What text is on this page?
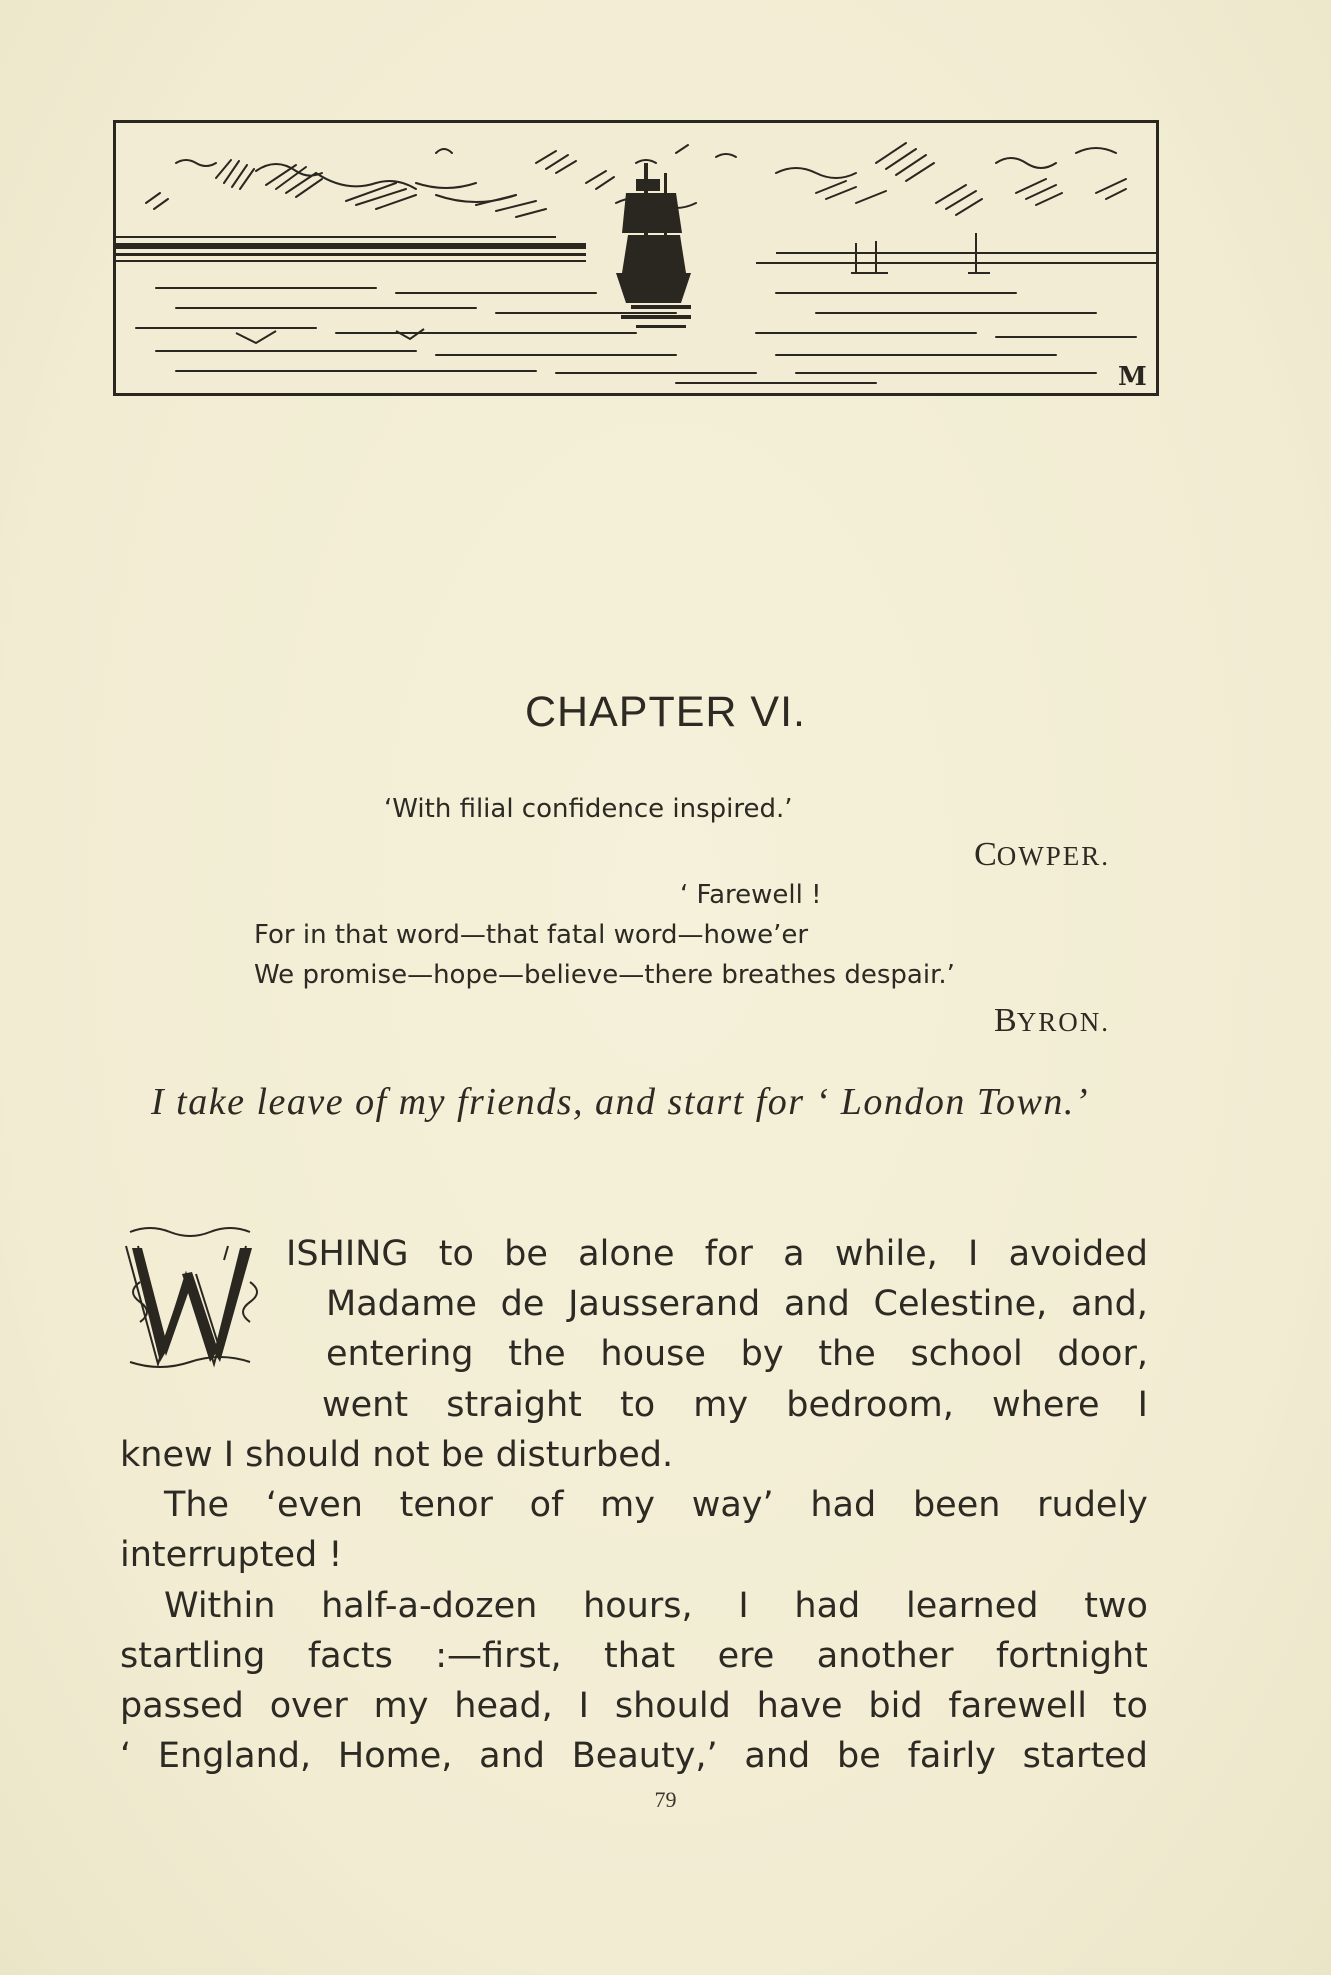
M
CHAPTER VI.
‘With filial confidence inspired.’
COWPER.
‘ Farewell !
For in that word—that fatal word—howe’er
We promise—hope—believe—there breathes despair.’
BYRON.
I take leave of my friends, and start for ‘ London Town.’
ISHING to be alone for a while, I avoided
Madame de Jausserand and Celestine, and,
entering the house by the school door,
went straight to my bedroom, where I
knew I should not be disturbed.
The ‘even tenor of my way’ had been rudely
interrupted !
Within half-a-dozen hours, I had learned two
startling facts :—first, that ere another fortnight
passed over my head, I should have bid farewell to
‘ England, Home, and Beauty,’ and be fairly started
79
